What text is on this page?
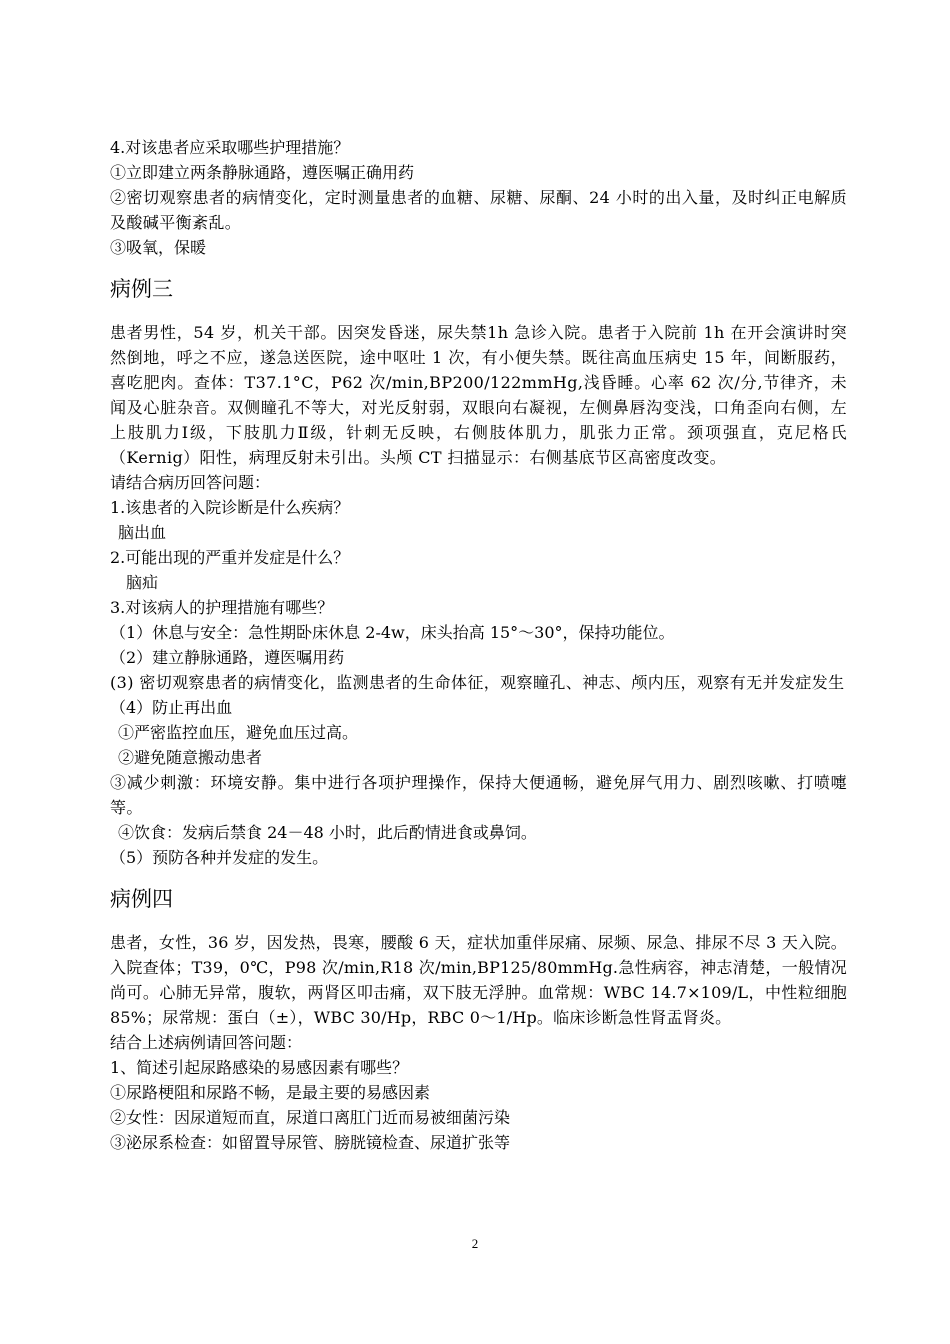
4.对该患者应采取哪些护理措施？

①立即建立两条静脉通路，遵医嘱正确用药

②密切观察患者的病情变化，定时测量患者的血糖、尿糖、尿酮、24 小时的出入量，及时纠正电解质及酸碱平衡紊乱。

③吸氧，保暖

病例三

患者男性，54 岁，机关干部。因突发昏迷，尿失禁1h 急诊入院。患者于入院前 1h 在开会演讲时突然倒地，呼之不应，遂急送医院，途中呕吐 1 次，有小便失禁。既往高血压病史 15 年，间断服药，喜吃肥肉。查体：T37.1°C，P62 次/min,BP200/122mmHg,浅昏睡。心率 62 次/分,节律齐，未闻及心脏杂音。双侧瞳孔不等大，对光反射弱，双眼向右凝视，左侧鼻唇沟变浅，口角歪向右侧，左上肢肌力Ⅰ级，下肢肌力Ⅱ级，针刺无反映，右侧肢体肌力，肌张力正常。颈项强直，克尼格氏（Kernig）阳性，病理反射未引出。头颅 CT 扫描显示：右侧基底节区高密度改变。

请结合病历回答问题：

1.该患者的入院诊断是什么疾病？

脑出血

2.可能出现的严重并发症是什么？

脑疝

3.对该病人的护理措施有哪些？

（1）休息与安全：急性期卧床休息 2-4w，床头抬高 15°～30°，保持功能位。

（2）建立静脉通路，遵医嘱用药

(3) 密切观察患者的病情变化，监测患者的生命体征，观察瞳孔、神志、颅内压，观察有无并发症发生

（4）防止再出血

①严密监控血压，避免血压过高。

②避免随意搬动患者

③减少刺激：环境安静。集中进行各项护理操作，保持大便通畅，避免屏气用力、剧烈咳嗽、打喷嚏等。

④饮食：发病后禁食 24－48 小时，此后酌情进食或鼻饲。

（5）预防各种并发症的发生。

病例四

患者，女性，36 岁，因发热，畏寒，腰酸 6 天，症状加重伴尿痛、尿频、尿急、排尿不尽 3 天入院。入院查体；T39，0℃，P98 次/min,R18 次/min,BP125/80mmHg.急性病容，神志清楚，一般情况尚可。心肺无异常，腹软，两肾区叩击痛，双下肢无浮肿。血常规：WBC 14.7×109/L，中性粒细胞 85%；尿常规：蛋白（±），WBC 30/Hp，RBC 0～1/Hp。临床诊断急性肾盂肾炎。

结合上述病例请回答问题：

1、简述引起尿路感染的易感因素有哪些？

①尿路梗阻和尿路不畅，是最主要的易感因素

②女性：因尿道短而直，尿道口离肛门近而易被细菌污染

③泌尿系检查：如留置导尿管、膀胱镜检查、尿道扩张等

2
